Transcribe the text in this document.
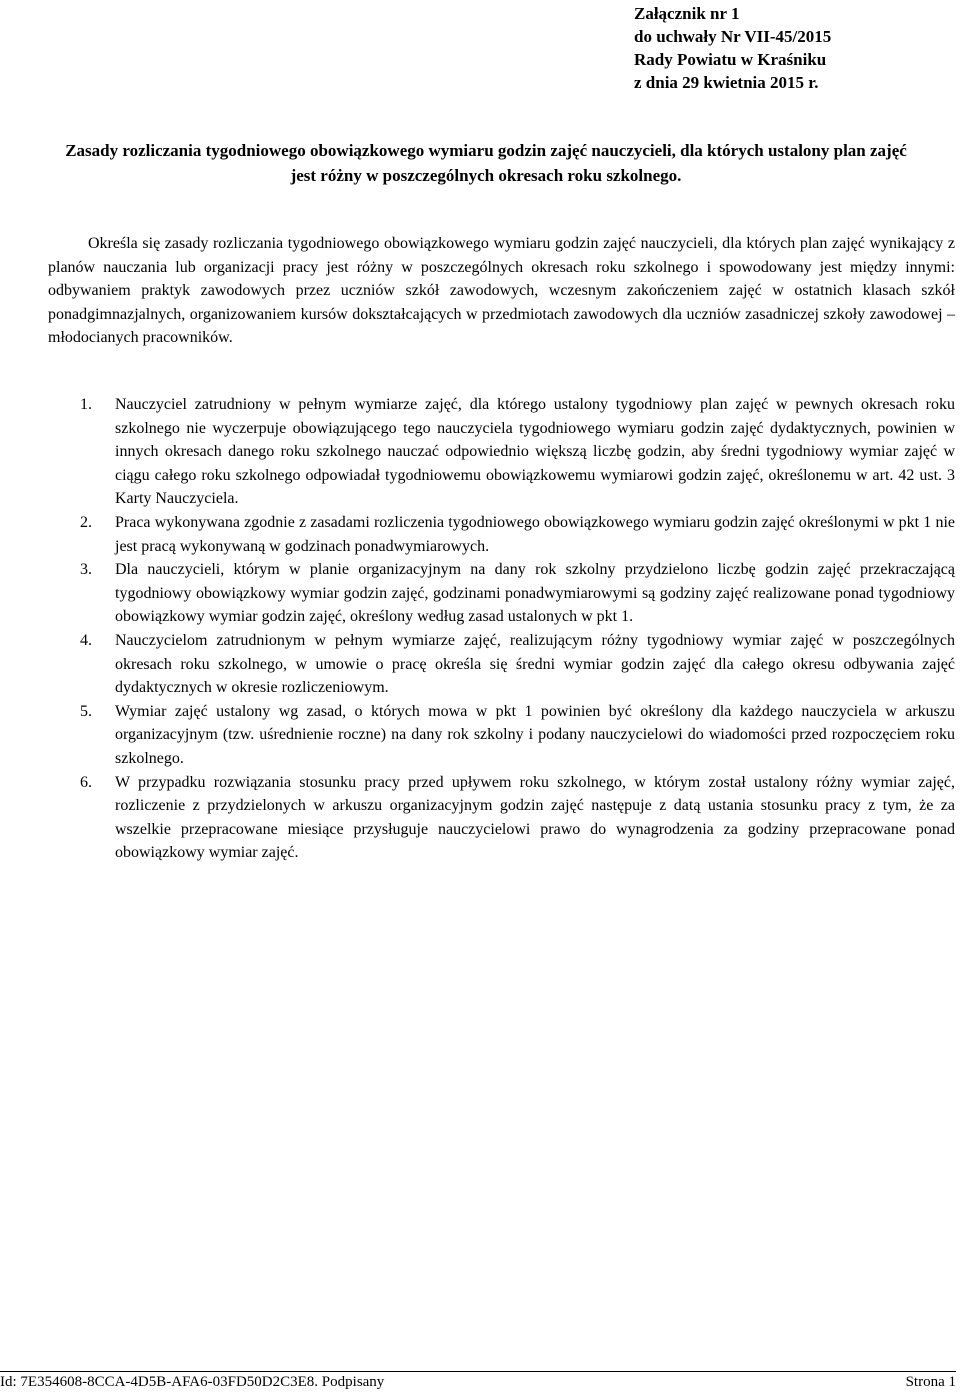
Załącznik nr 1
do uchwały Nr VII-45/2015
Rady Powiatu w Kraśniku
z dnia 29 kwietnia 2015 r.
Zasady rozliczania tygodniowego obowiązkowego wymiaru godzin zajęć nauczycieli, dla których ustalony plan zajęć jest różny w poszczególnych okresach roku szkolnego.

Określa się zasady rozliczania tygodniowego obowiązkowego wymiaru godzin zajęć nauczycieli, dla których plan zajęć wynikający z planów nauczania lub organizacji pracy jest różny w poszczególnych okresach roku szkolnego i spowodowany jest między innymi: odbywaniem praktyk zawodowych przez uczniów szkół zawodowych, wczesnym zakończeniem zajęć w ostatnich klasach szkół ponadgimnazjalnych, organizowaniem kursów dokształcających w przedmiotach zawodowych dla uczniów zasadniczej szkoły zawodowej – młodocianych pracowników.

1. Nauczyciel zatrudniony w pełnym wymiarze zajęć, dla którego ustalony tygodniowy plan zajęć w pewnych okresach roku szkolnego nie wyczerpuje obowiązującego tego nauczyciela tygodniowego wymiaru godzin zajęć dydaktycznych, powinien w innych okresach danego roku szkolnego nauczać odpowiednio większą liczbę godzin, aby średni tygodniowy wymiar zajęć w ciągu całego roku szkolnego odpowiadał tygodniowemu obowiązkowemu wymiarowi godzin zajęć, określonemu w art. 42 ust. 3 Karty Nauczyciela.
2. Praca wykonywana zgodnie z zasadami rozliczenia tygodniowego obowiązkowego wymiaru godzin zajęć określonymi w pkt 1 nie jest pracą wykonywaną w godzinach ponadwymiarowych.
3. Dla nauczycieli, którym w planie organizacyjnym na dany rok szkolny przydzielono liczbę godzin zajęć przekraczającą tygodniowy obowiązkowy wymiar godzin zajęć, godzinami ponadwymiarowymi są godziny zajęć realizowane ponad tygodniowy obowiązkowy wymiar godzin zajęć, określony według zasad ustalonych w pkt 1.
4. Nauczycielom zatrudnionym w pełnym wymiarze zajęć, realizującym różny tygodniowy wymiar zajęć w poszczególnych okresach roku szkolnego, w umowie o pracę określa się średni wymiar godzin zajęć dla całego okresu odbywania zajęć dydaktycznych w okresie rozliczeniowym.
5. Wymiar zajęć ustalony wg zasad, o których mowa w pkt 1 powinien być określony dla każdego nauczyciela w arkuszu organizacyjnym (tzw. uśrednienie roczne) na dany rok szkolny i podany nauczycielowi do wiadomości przed rozpoczęciem roku szkolnego.
6. W przypadku rozwiązania stosunku pracy przed upływem roku szkolnego, w którym został ustalony różny wymiar zajęć, rozliczenie z przydzielonych w arkuszu organizacyjnym godzin zajęć następuje z datą ustania stosunku pracy z tym, że za wszelkie przepracowane miesiące przysługuje nauczycielowi prawo do wynagrodzenia za godziny przepracowane ponad obowiązkowy wymiar zajęć.
Id: 7E354608-8CCA-4D5B-AFA6-03FD50D2C3E8. Podpisany	Strona 1
